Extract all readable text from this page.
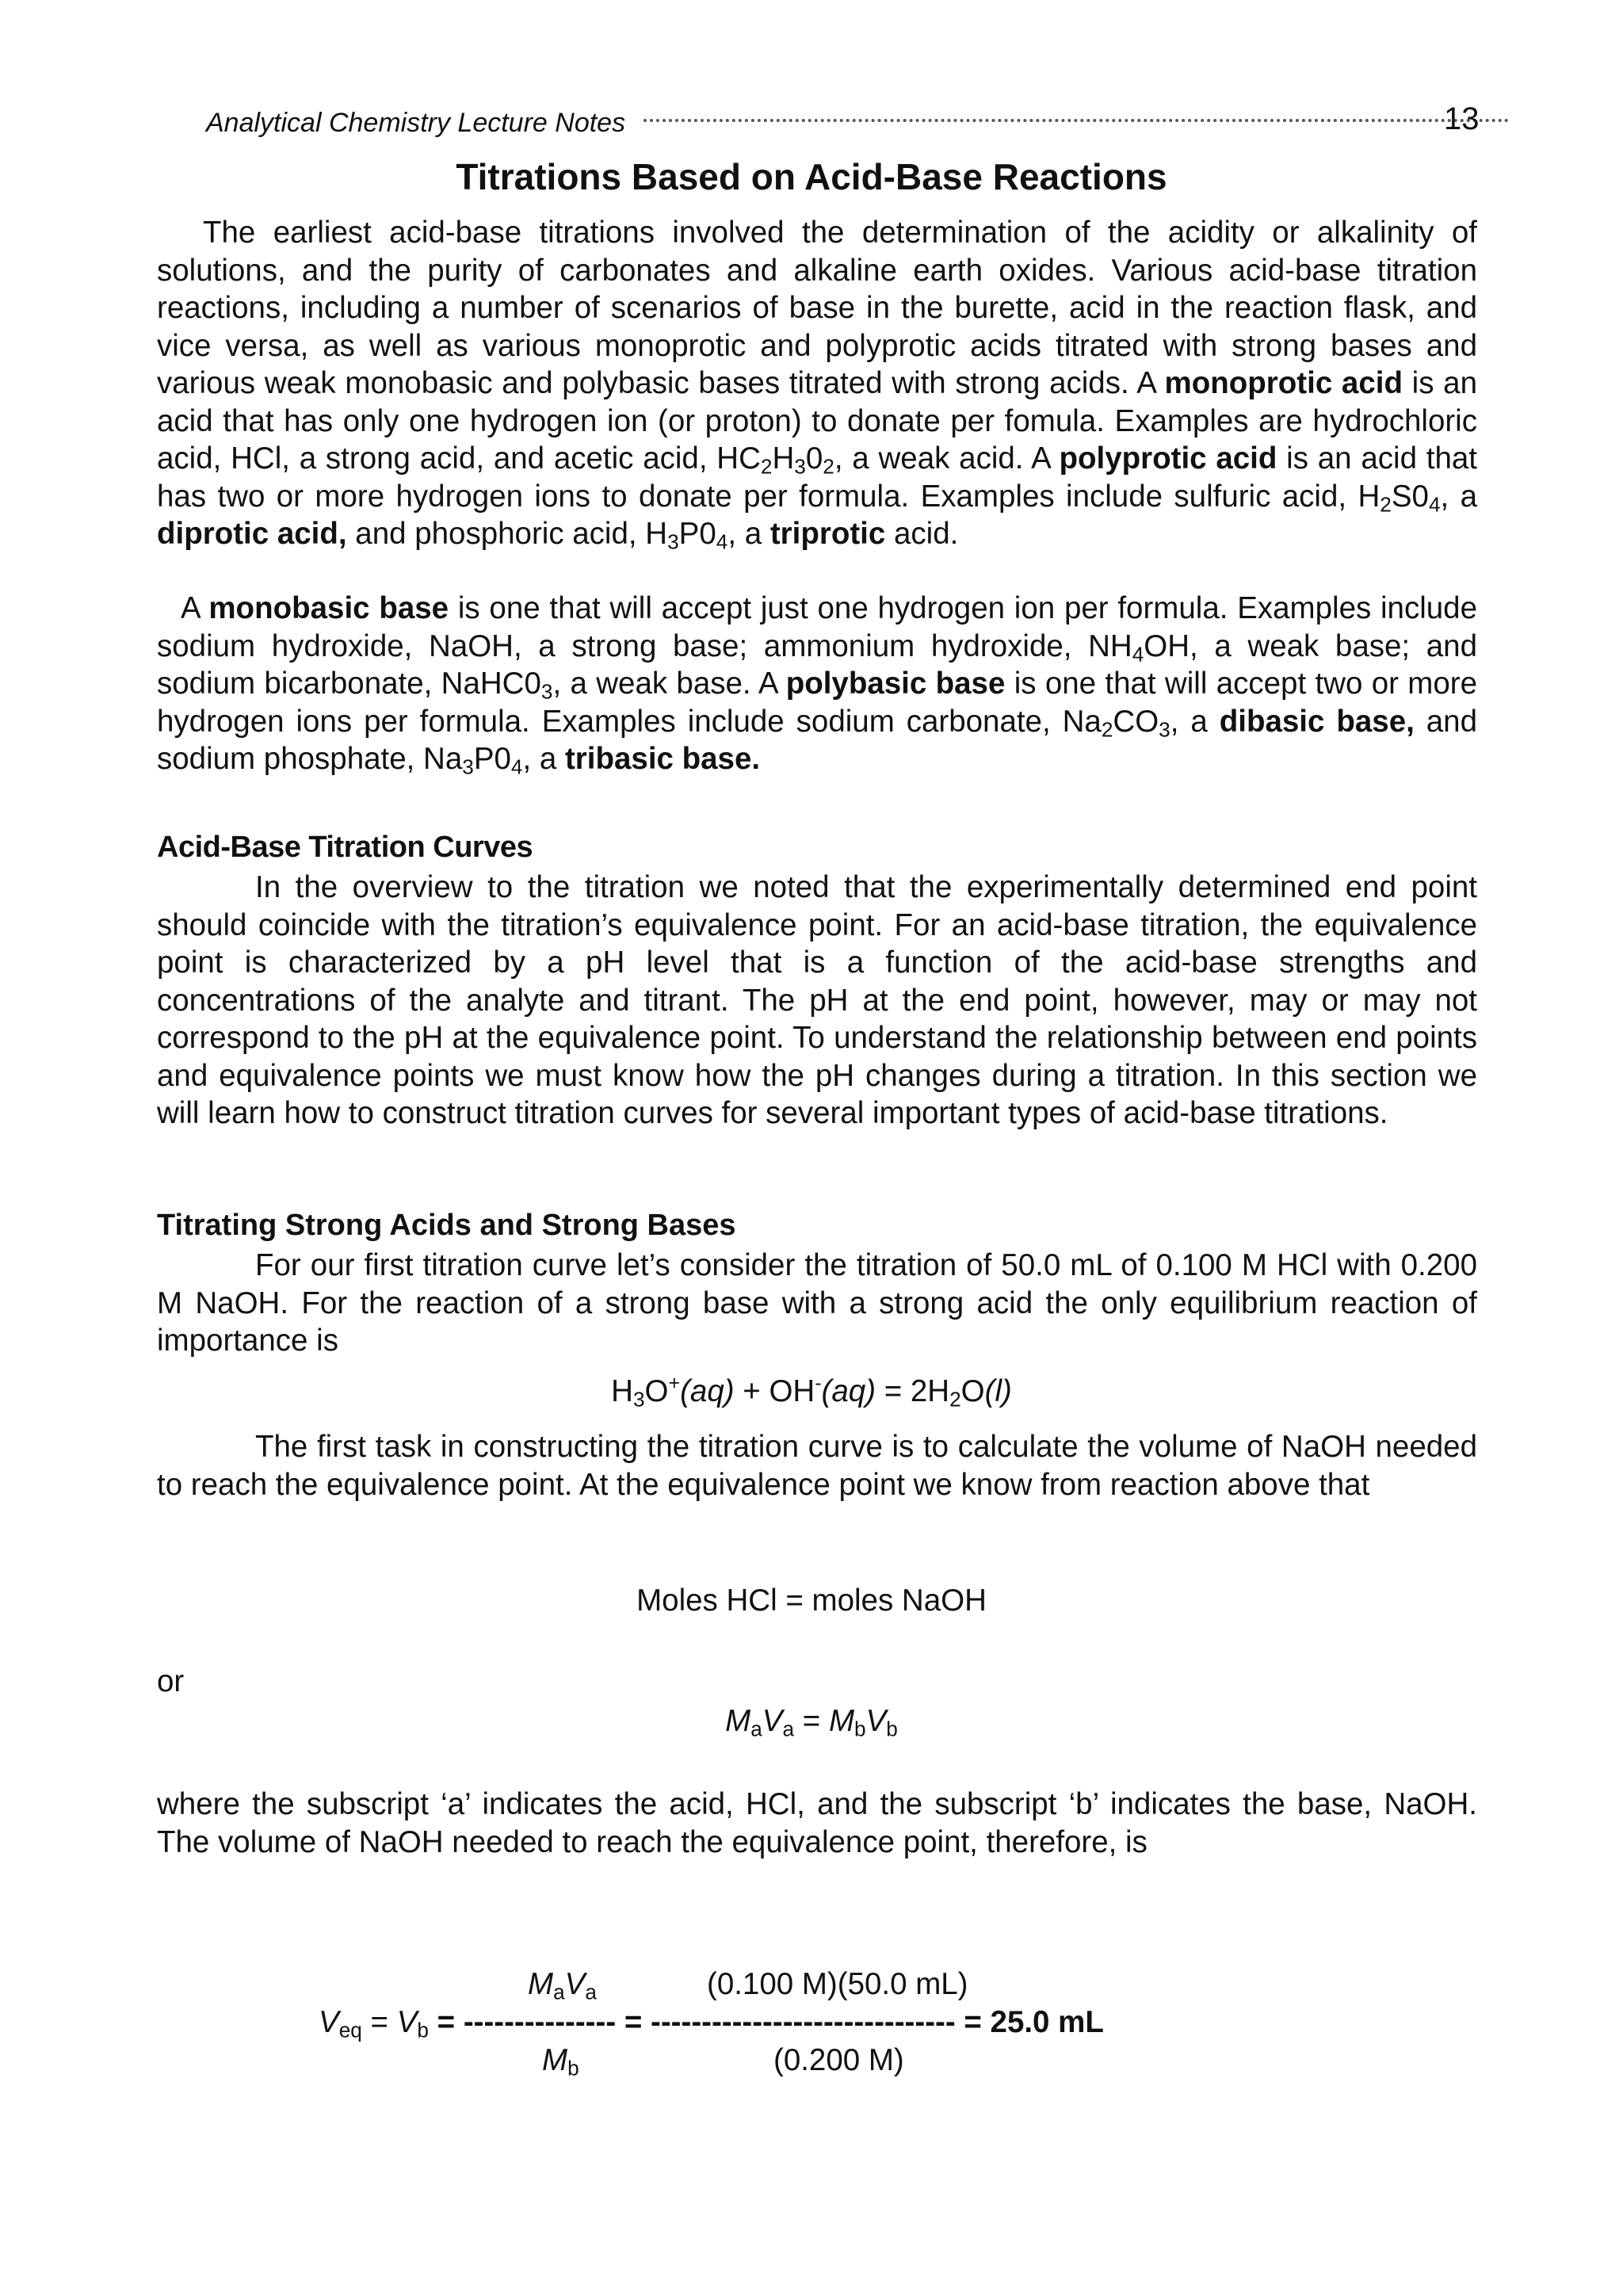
Analytical Chemistry Lecture Notes	13
Titrations Based on Acid-Base Reactions
The earliest acid-base titrations involved the determination of the acidity or alkalinity of solutions, and the purity of carbonates and alkaline earth oxides. Various acid-base titration reactions, including a number of scenarios of base in the burette, acid in the reaction flask, and vice versa, as well as various monoprotic and polyprotic acids titrated with strong bases and various weak monobasic and polybasic bases titrated with strong acids. A monoprotic acid is an acid that has only one hydrogen ion (or proton) to donate per fomula. Examples are hydrochloric acid, HCl, a strong acid, and acetic acid, $HC_2H_30_2$, a weak acid. A polyprotic acid is an acid that has two or more hydrogen ions to donate per formula. Examples include sulfuric acid, $H_2S0_4$, a diprotic acid, and phosphoric acid, $H_3P0_4$, a triprotic acid.
A monobasic base is one that will accept just one hydrogen ion per formula. Examples include sodium hydroxide, NaOH, a strong base; ammonium hydroxide, $NH_4OH$, a weak base; and sodium bicarbonate, $NaHC0_3$, a weak base. A polybasic base is one that will accept two or more hydrogen ions per formula. Examples include sodium carbonate, $Na_2CO_3$, a dibasic base, and sodium phosphate, $Na_3P0_4$, a tribasic base.
Acid-Base Titration Curves
In the overview to the titration we noted that the experimentally determined end point should coincide with the titration’s equivalence point. For an acid-base titration, the equivalence point is characterized by a pH level that is a function of the acid-base strengths and concentrations of the analyte and titrant. The pH at the end point, however, may or may not correspond to the pH at the equivalence point. To understand the relationship between end points and equivalence points we must know how the pH changes during a titration. In this section we will learn how to construct titration curves for several important types of acid-base titrations.
Titrating Strong Acids and Strong Bases
For our first titration curve let’s consider the titration of 50.0 mL of 0.100 M HCl with 0.200 M NaOH. For the reaction of a strong base with a strong acid the only equilibrium reaction of importance is
$H_3O^+(aq) + OH^-(aq) = 2H_2O(l)$
The first task in constructing the titration curve is to calculate the volume of NaOH needed to reach the equivalence point. At the equivalence point we know from reaction above that
Moles HCl = moles NaOH
or
$M_aV_a = M_bV_b$
where the subscript ‘a’ indicates the acid, HCl, and the subscript ‘b’ indicates the base, NaOH. The volume of NaOH needed to reach the equivalence point, therefore, is
$M_aV_a$	(0.100 M)(50.0 mL)
$V_{eq} = V_b$ = --------------- = ------------------------------ = 25.0 mL
$M_b$	(0.200 M)
